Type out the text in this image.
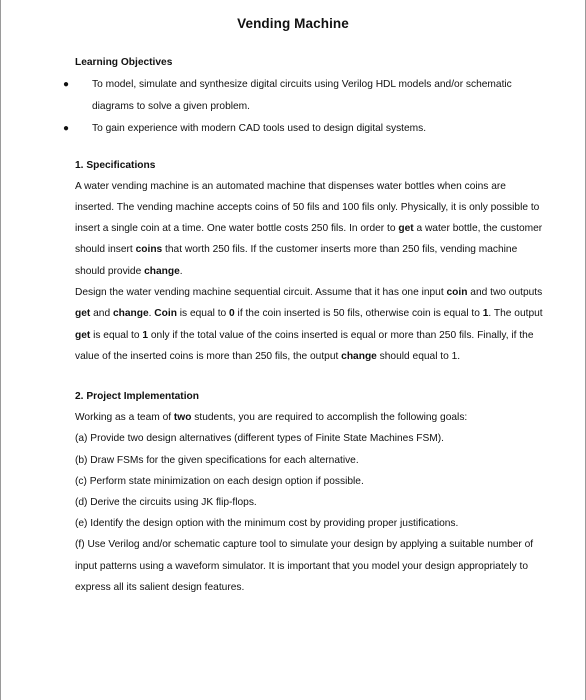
Vending Machine

Learning Objectives

● To model, simulate and synthesize digital circuits using Verilog HDL models and/or schematic diagrams to solve a given problem.
● To gain experience with modern CAD tools used to design digital systems.

1. Specifications

A water vending machine is an automated machine that dispenses water bottles when coins are inserted. The vending machine accepts coins of 50 fils and 100 fils only. Physically, it is only possible to insert a single coin at a time. One water bottle costs 250 fils. In order to get a water bottle, the customer should insert coins that worth 250 fils. If the customer inserts more than 250 fils, vending machine should provide change.

Design the water vending machine sequential circuit. Assume that it has one input coin and two outputs get and change. Coin is equal to 0 if the coin inserted is 50 fils, otherwise coin is equal to 1. The output get is equal to 1 only if the total value of the coins inserted is equal or more than 250 fils. Finally, if the value of the inserted coins is more than 250 fils, the output change should equal to 1.

2. Project Implementation

Working as a team of two students, you are required to accomplish the following goals:

(a) Provide two design alternatives (different types of Finite State Machines FSM).
(b) Draw FSMs for the given specifications for each alternative.
(c) Perform state minimization on each design option if possible.
(d) Derive the circuits using JK flip-flops.
(e) Identify the design option with the minimum cost by providing proper justifications.
(f) Use Verilog and/or schematic capture tool to simulate your design by applying a suitable number of input patterns using a waveform simulator. It is important that you model your design appropriately to express all its salient design features.
